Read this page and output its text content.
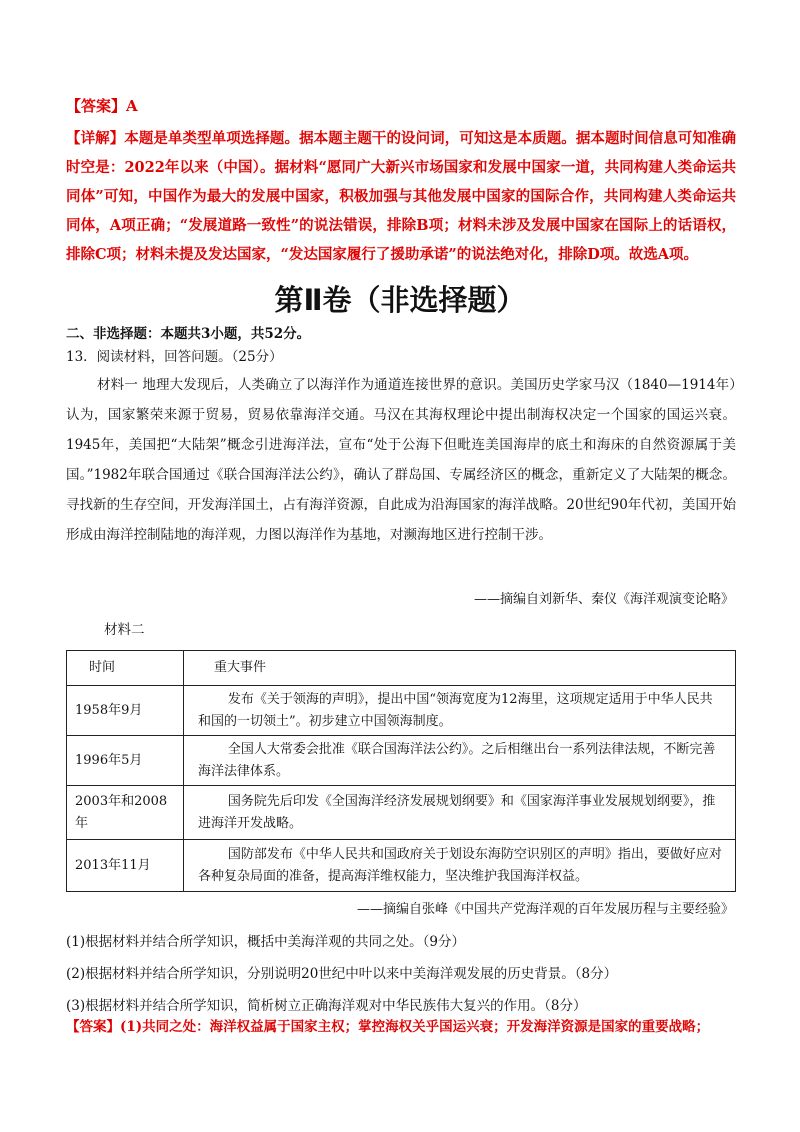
【答案】A
【详解】本题是单类型单项选择题。据本题主题干的设问词，可知这是本质题。据本题时间信息可知准确时空是：2022年以来（中国）。据材料“愿同广大新兴市场国家和发展中国家一道，共同构建人类命运共同体”可知，中国作为最大的发展中国家，积极加强与其他发展中国家的国际合作，共同构建人类命运共同体，A项正确；“发展道路一致性”的说法错误，排除B项；材料未涉及发展中国家在国际上的话语权，排除C项；材料未提及发达国家，“发达国家履行了援助承诺”的说法绝对化，排除D项。故选A项。
第Ⅱ卷（非选择题）
二、非选择题：本题共3小题，共52分。
13．阅读材料，回答问题。（25分）
材料一 地理大发现后，人类确立了以海洋作为通道连接世界的意识。美国历史学家马汉（1840—1914年）认为，国家繁荣来源于贸易，贸易依靠海洋交通。马汉在其海权理论中提出制海权决定一个国家的国运兴衰。1945年，美国把“大陆架”概念引进海洋法，宣布“处于公海下但毗连美国海岸的底土和海床的自然资源属于美国。”1982年联合国通过《联合国海洋法公约》，确认了群岛国、专属经济区的概念，重新定义了大陆架的概念。寻找新的生存空间，开发海洋国土，占有海洋资源，自此成为沿海国家的海洋战略。20世纪90年代初，美国开始形成由海洋控制陆地的海洋观，力图以海洋作为基地，对濒海地区进行控制干涉。
——摘编自刘新华、秦仪《海洋观演变论略》
材料二
时间	重大事件
1958年9月	发布《关于领海的声明》，提出中国“领海宽度为12海里，这项规定适用于中华人民共和国的一切领土”。初步建立中国领海制度。
1996年5月	全国人大常委会批准《联合国海洋法公约》。之后相继出台一系列法律法规，不断完善海洋法律体系。
2003年和2008年	国务院先后印发《全国海洋经济发展规划纲要》和《国家海洋事业发展规划纲要》，推进海洋开发战略。
2013年11月	国防部发布《中华人民共和国政府关于划设东海防空识别区的声明》指出，要做好应对各种复杂局面的准备，提高海洋维权能力，坚决维护我国海洋权益。
——摘编自张峰《中国共产党海洋观的百年发展历程与主要经验》
(1)根据材料并结合所学知识，概括中美海洋观的共同之处。（9分）
(2)根据材料并结合所学知识，分别说明20世纪中叶以来中美海洋观发展的历史背景。（8分）
(3)根据材料并结合所学知识，简析树立正确海洋观对中华民族伟大复兴的作用。（8分）
【答案】(1)共同之处：海洋权益属于国家主权；掌控海权关乎国运兴衰；开发海洋资源是国家的重要战略；
